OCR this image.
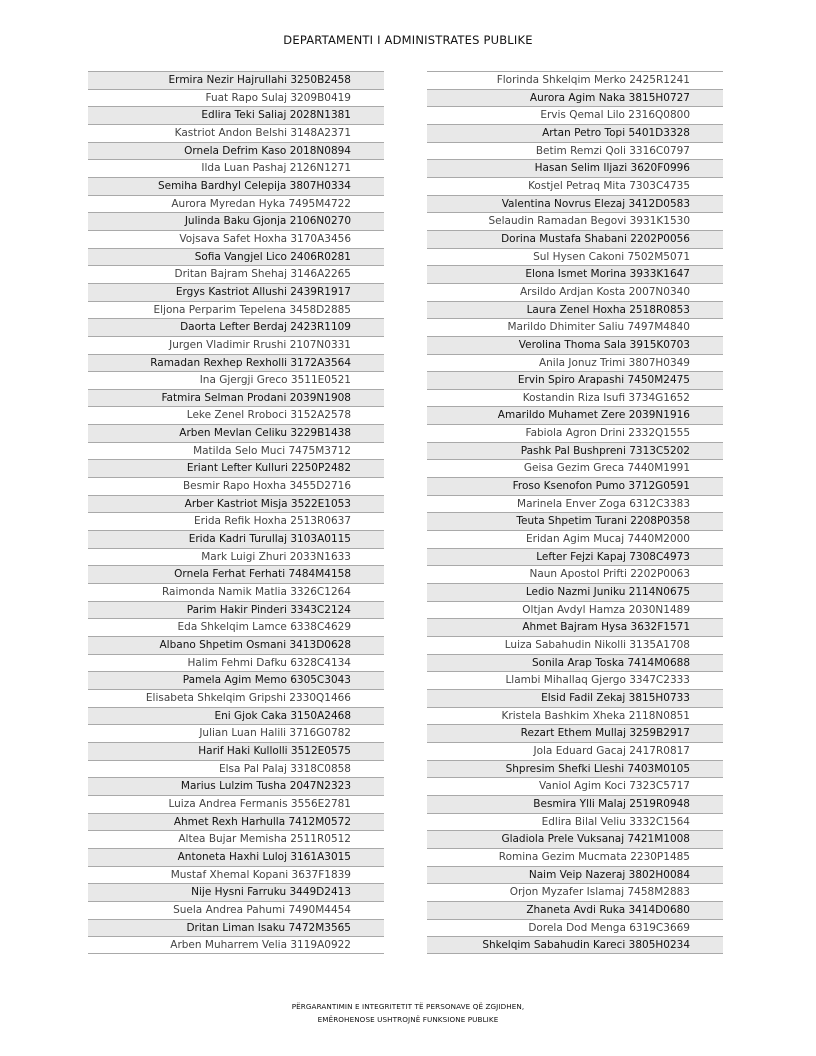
DEPARTAMENTI I ADMINISTRATES PUBLIKE
Ermira Nezir Hajrullahi 3250B2458
Fuat Rapo Sulaj 3209B0419
Edlira Teki Saliaj 2028N1381
Kastriot Andon Belshi 3148A2371
Ornela Defrim Kaso 2018N0894
Ilda Luan Pashaj 2126N1271
Semiha Bardhyl Celepija 3807H0334
Aurora Myredan Hyka 7495M4722
Julinda Baku Gjonja 2106N0270
Vojsava Safet Hoxha 3170A3456
Sofia Vangjel Lico 2406R0281
Dritan Bajram Shehaj 3146A2265
Ergys Kastriot Allushi 2439R1917
Eljona Perparim Tepelena 3458D2885
Daorta Lefter Berdaj 2423R1109
Jurgen Vladimir Rrushi 2107N0331
Ramadan Rexhep Rexholli 3172A3564
Ina Gjergji Greco 3511E0521
Fatmira Selman Prodani 2039N1908
Leke Zenel Rroboci 3152A2578
Arben Mevlan Celiku 3229B1438
Matilda Selo Muci 7475M3712
Eriant Lefter Kulluri 2250P2482
Besmir Rapo Hoxha 3455D2716
Arber Kastriot Misja 3522E1053
Erida Refik Hoxha 2513R0637
Erida Kadri Turullaj 3103A0115
Mark Luigi Zhuri 2033N1633
Ornela Ferhat Ferhati 7484M4158
Raimonda Namik Matlia 3326C1264
Parim Hakir Pinderi 3343C2124
Eda Shkelqim Lamce 6338C4629
Albano Shpetim Osmani 3413D0628
Halim Fehmi Dafku 6328C4134
Pamela Agim Memo 6305C3043
Elisabeta Shkelqim Gripshi 2330Q1466
Eni Gjok Caka 3150A2468
Julian Luan Halili 3716G0782
Harif Haki Kullolli 3512E0575
Elsa Pal Palaj 3318C0858
Marius Lulzim Tusha 2047N2323
Luiza Andrea Fermanis 3556E2781
Ahmet Rexh Harhulla 7412M0572
Altea Bujar Memisha 2511R0512
Antoneta Haxhi Luloj 3161A3015
Mustaf Xhemal Kopani 3637F1839
Nije Hysni Farruku 3449D2413
Suela Andrea Pahumi 7490M4454
Dritan Liman Isaku 7472M3565
Arben Muharrem Velia 3119A0922
Florinda Shkelqim Merko 2425R1241
Aurora Agim Naka 3815H0727
Ervis Qemal Lilo 2316Q0800
Artan Petro Topi 5401D3328
Betim Remzi Qoli 3316C0797
Hasan Selim Iljazi 3620F0996
Kostjel Petraq Mita 7303C4735
Valentina Novrus Elezaj 3412D0583
Selaudin Ramadan Begovi 3931K1530
Dorina Mustafa Shabani 2202P0056
Sul Hysen Cakoni 7502M5071
Elona Ismet Morina 3933K1647
Arsildo Ardjan Kosta 2007N0340
Laura Zenel Hoxha 2518R0853
Marildo Dhimiter Saliu 7497M4840
Verolina Thoma Sala 3915K0703
Anila Jonuz Trimi 3807H0349
Ervin Spiro Arapashi 7450M2475
Kostandin Riza Isufi 3734G1652
Amarildo Muhamet Zere 2039N1916
Fabiola Agron Drini 2332Q1555
Pashk Pal Bushpreni 7313C5202
Geisa Gezim Greca 7440M1991
Froso Ksenofon Pumo 3712G0591
Marinela Enver Zoga 6312C3383
Teuta Shpetim Turani 2208P0358
Eridan Agim Mucaj 7440M2000
Lefter Fejzi Kapaj 7308C4973
Naun Apostol Prifti 2202P0063
Ledio Nazmi Juniku 2114N0675
Oltjan Avdyl Hamza 2030N1489
Ahmet Bajram Hysa 3632F1571
Luiza Sabahudin Nikolli 3135A1708
Sonila Arap Toska 7414M0688
Llambi Mihallaq Gjergo 3347C2333
Elsid Fadil Zekaj 3815H0733
Kristela Bashkim Xheka 2118N0851
Rezart Ethem Mullaj 3259B2917
Jola Eduard Gacaj 2417R0817
Shpresim Shefki Lleshi 7403M0105
Vaniol Agim Koci 7323C5717
Besmira Ylli Malaj 2519R0948
Edlira Bilal Veliu 3332C1564
Gladiola Prele Vuksanaj 7421M1008
Romina Gezim Mucmata 2230P1485
Naim Veip Nazeraj 3802H0084
Orjon Myzafer Islamaj 7458M2883
Zhaneta Avdi Ruka 3414D0680
Dorela Dod Menga 6319C3669
Shkelqim Sabahudin Kareci 3805H0234
PËRGARANTIMIN E INTEGRITETIT TË PERSONAVE QË ZGJIDHEN,
EMËROHENOSE USHTROJNË FUNKSIONE PUBLIKE
